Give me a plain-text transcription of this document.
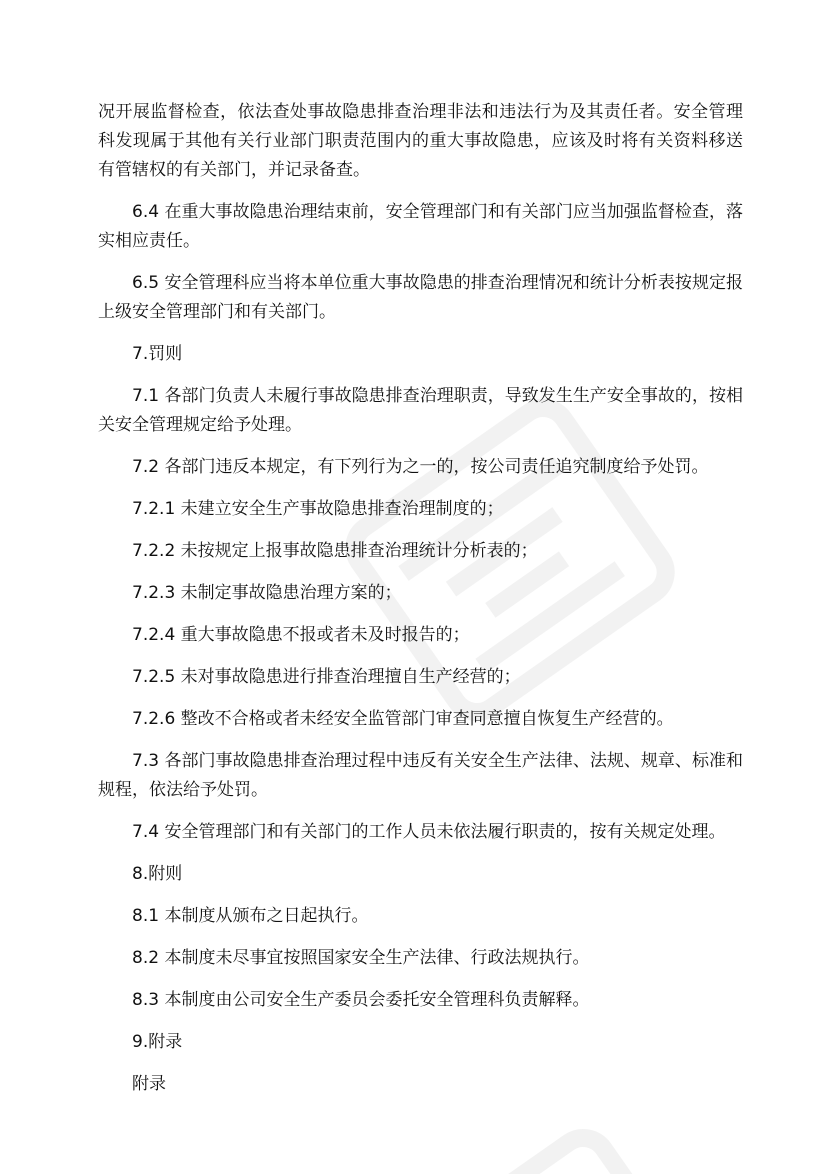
况开展监督检查，依法查处事故隐患排查治理非法和违法行为及其责任者。安全管理科发现属于其他有关行业部门职责范围内的重大事故隐患，应该及时将有关资料移送有管辖权的有关部门，并记录备查。

6.4 在重大事故隐患治理结束前，安全管理部门和有关部门应当加强监督检查，落实相应责任。

6.5 安全管理科应当将本单位重大事故隐患的排查治理情况和统计分析表按规定报上级安全管理部门和有关部门。

7.罚则

7.1 各部门负责人未履行事故隐患排查治理职责，导致发生生产安全事故的，按相关安全管理规定给予处理。

7.2 各部门违反本规定，有下列行为之一的，按公司责任追究制度给予处罚。

7.2.1 未建立安全生产事故隐患排查治理制度的；

7.2.2 未按规定上报事故隐患排查治理统计分析表的；

7.2.3 未制定事故隐患治理方案的；

7.2.4 重大事故隐患不报或者未及时报告的；

7.2.5 未对事故隐患进行排查治理擅自生产经营的；

7.2.6 整改不合格或者未经安全监管部门审查同意擅自恢复生产经营的。

7.3 各部门事故隐患排查治理过程中违反有关安全生产法律、法规、规章、标准和规程，依法给予处罚。

7.4 安全管理部门和有关部门的工作人员未依法履行职责的，按有关规定处理。

8.附则

8.1 本制度从颁布之日起执行。

8.2 本制度未尽事宜按照国家安全生产法律、行政法规执行。

8.3 本制度由公司安全生产委员会委托安全管理科负责解释。

9.附录

附录
